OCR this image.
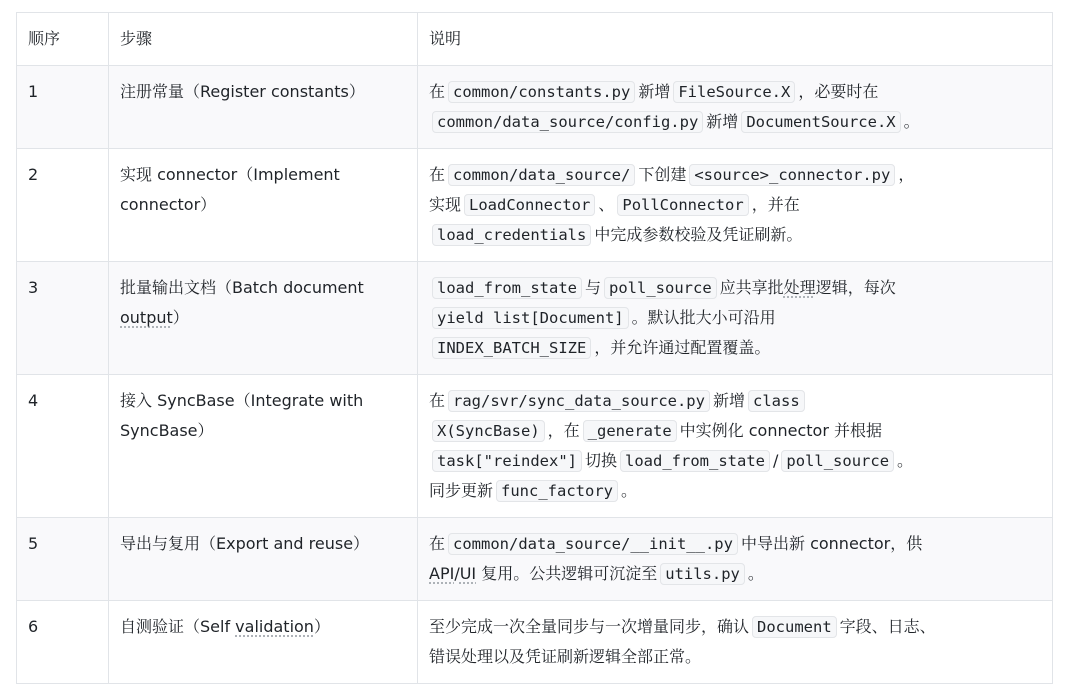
顺序	步骤	说明
1	注册常量（Register constants）	在 common/constants.py 新增 FileSource.X ，必要时在
common/data_source/config.py 新增 DocumentSource.X 。
2	实现 connector（Implement connector）	在 common/data_source/ 下创建 <source>_connector.py ，
实现 LoadConnector 、 PollConnector ，并在
load_credentials 中完成参数校验及凭证刷新。
3	批量输出文档（Batch document
output）	load_from_state 与 poll_source 应共享批处理逻辑，每次
yield list[Document] 。默认批大小可沿用
INDEX_BATCH_SIZE ，并允许通过配置覆盖。
4	接入 SyncBase（Integrate with SyncBase）	在 rag/svr/sync_data_source.py 新增 class
X(SyncBase) ，在 _generate 中实例化 connector 并根据
task["reindex"] 切换 load_from_state / poll_source 。
同步更新 func_factory 。
5	导出与复用（Export and reuse）	在 common/data_source/__init__.py 中导出新 connector，供
API/UI 复用。公共逻辑可沉淀至 utils.py 。
6	自测验证（Self validation）	至少完成一次全量同步与一次增量同步，确认 Document 字段、日志、
错误处理以及凭证刷新逻辑全部正常。
